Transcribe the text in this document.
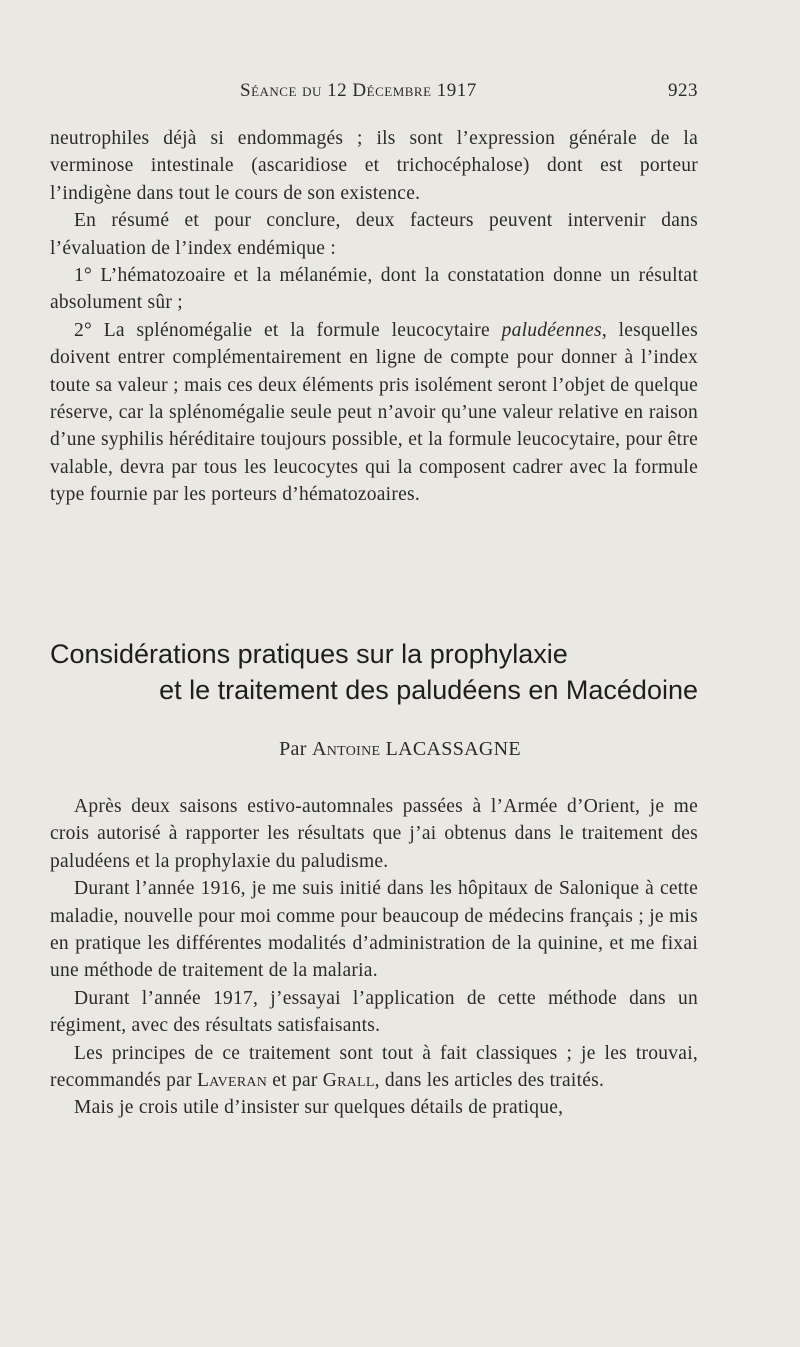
Séance du 12 Décembre 1917	923

neutrophiles déjà si endommagés ; ils sont l’expression générale de la verminose intestinale (ascaridiose et trichocéphalose) dont est porteur l’indigène dans tout le cours de son existence.

En résumé et pour conclure, deux facteurs peuvent intervenir dans l’évaluation de l’index endémique :

1° L’hématozoaire et la mélanémie, dont la constatation donne un résultat absolument sûr ;

2° La splénomégalie et la formule leucocytaire paludéennes, lesquelles doivent entrer complémentairement en ligne de compte pour donner à l’index toute sa valeur ; mais ces deux éléments pris isolément seront l’objet de quelque réserve, car la splénomégalie seule peut n’avoir qu’une valeur relative en raison d’une syphilis héréditaire toujours possible, et la formule leucocytaire, pour être valable, devra par tous les leucocytes qui la composent cadrer avec la formule type fournie par les porteurs d’hématozoaires.

Considérations pratiques sur la prophylaxie
et le traitement des paludéens en Macédoine
Par Antoine LACASSAGNE

Après deux saisons estivo-automnales passées à l’Armée d’Orient, je me crois autorisé à rapporter les résultats que j’ai obtenus dans le traitement des paludéens et la prophylaxie du paludisme.

Durant l’année 1916, je me suis initié dans les hôpitaux de Salonique à cette maladie, nouvelle pour moi comme pour beaucoup de médecins français ; je mis en pratique les différentes modalités d’administration de la quinine, et me fixai une méthode de traitement de la malaria.

Durant l’année 1917, j’essayai l’application de cette méthode dans un régiment, avec des résultats satisfaisants.

Les principes de ce traitement sont tout à fait classiques ; je les trouvai, recommandés par Laveran et par Grall, dans les articles des traités.

Mais je crois utile d’insister sur quelques détails de pratique,
